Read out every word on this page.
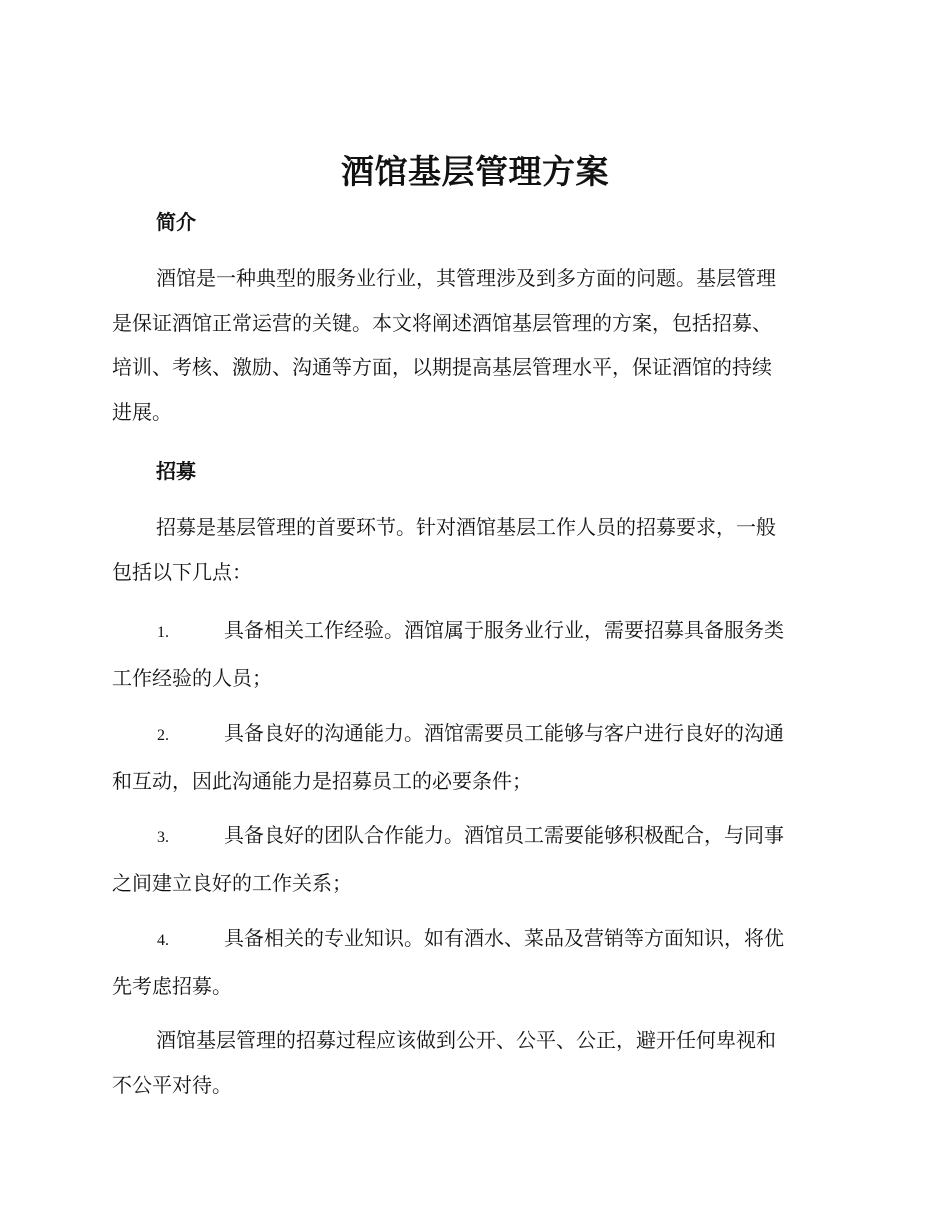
酒馆基层管理方案
简介
酒馆是一种典型的服务业行业，其管理涉及到多方面的问题。基层管理
是保证酒馆正常运营的关键。本文将阐述酒馆基层管理的方案，包括招募、
培训、考核、激励、沟通等方面，以期提高基层管理水平，保证酒馆的持续
进展。
招募
招募是基层管理的首要环节。针对酒馆基层工作人员的招募要求，一般
包括以下几点：
1.	具备相关工作经验。酒馆属于服务业行业，需要招募具备服务类
工作经验的人员；
2.	具备良好的沟通能力。酒馆需要员工能够与客户进行良好的沟通
和互动，因此沟通能力是招募员工的必要条件；
3.	具备良好的团队合作能力。酒馆员工需要能够积极配合，与同事
之间建立良好的工作关系；
4.	具备相关的专业知识。如有酒水、菜品及营销等方面知识，将优
先考虑招募。
酒馆基层管理的招募过程应该做到公开、公平、公正，避开任何卑视和
不公平对待。
